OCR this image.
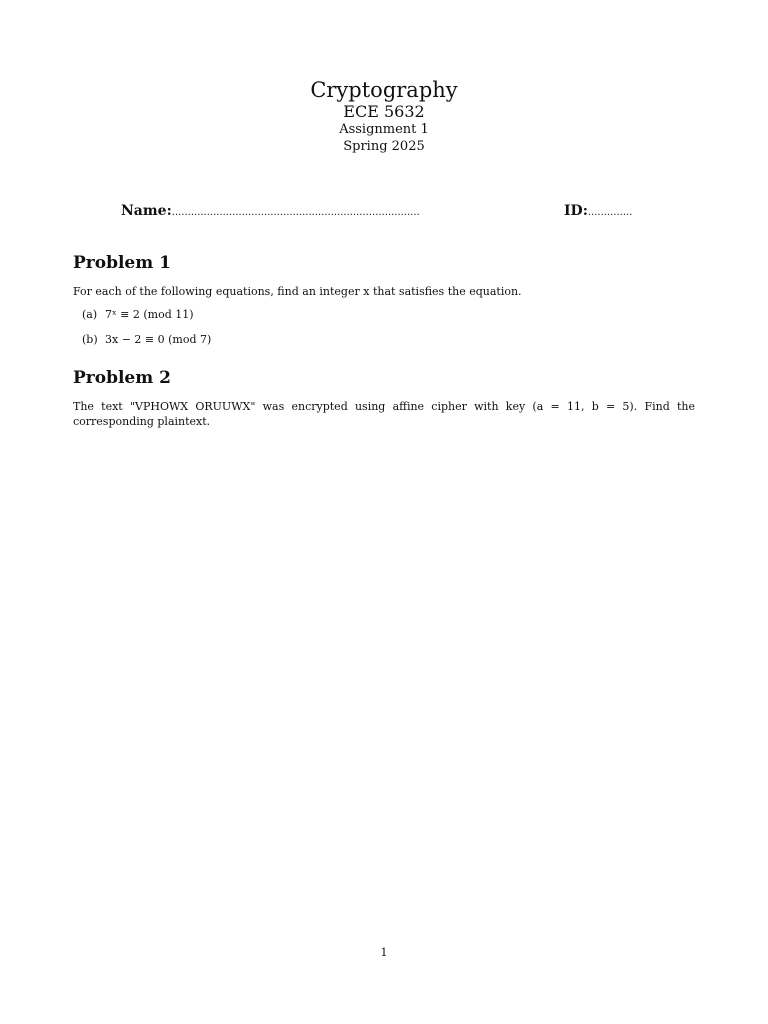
Cryptography
ECE 5632
Assignment 1
Spring 2025
Name:..............................................................................	ID:..............
Problem 1
For each of the following equations, find an integer x that satisfies the equation.
(a) 7ˣ ≡ 2 (mod 11)
(b) 3x − 2 ≡ 0 (mod 7)
Problem 2
The text "VPHOWX ORUUWX" was encrypted using affine cipher with key (a = 11, b = 5). Find the corresponding plaintext.
1
